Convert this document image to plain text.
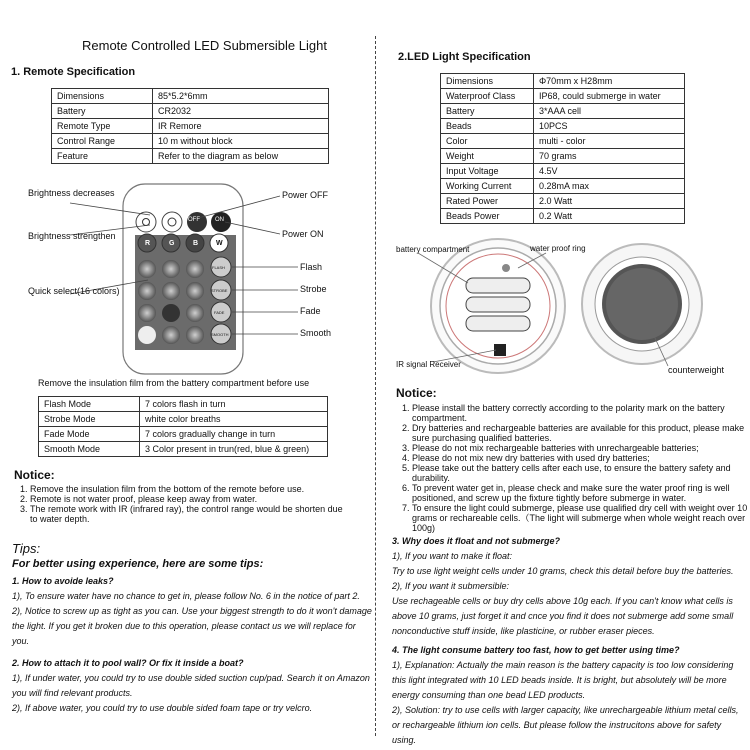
Remote Controlled LED Submersible Light
1. Remote Specification
Dimensions	85*5.2*6mm
Battery	CR2032
Remote Type	IR Remore
Control Range	10 m without block
Feature	Refer to the diagram as below
Brightness decreases
Brightness strengthen
Quick select(16 colors)
Power OFF
Power ON
Flash
Strobe
Fade
Smooth
OFF	ON
R	G	B	W
FLASH
STROBE
FADE
SMOOTH
Remove the insulation film from the battery compartment before use
Flash Mode	7 colors flash in turn
Strobe Mode	white color breaths
Fade Mode	7 colors gradually change in turn
Smooth Mode	3 Color present in trun(red, blue & green)
Notice:
1. Remove the insulation film from the bottom of the remote before use.
2. Remote is not water proof, please keep away from water.
3. The remote work with IR (infrared ray), the control range would be shorten due to water depth.
Tips:
For better using experience, here are some tips:

1. How to avoide leaks?

1), To ensure water have no chance to get in, please follow No. 6 in the notice of part 2.

2), Notice to screw up as tight as you can. Use your biggest strength to do it won't damage the light. If you get it broken due to this operation, please contact us we will replace for you.

2. How to attach it to pool wall? Or fix it inside a boat?

1), If under water, you could try to use double sided suction cup/pad. Search it on Amazon you will find relevant products.

2), If above water, you could try to use double sided foam tape or try velcro.

2.LED Light Specification
Dimensions	Φ70mm x H28mm
Waterproof Class	IP68, could submerge in water
Battery	3*AAA cell
Beads	10PCS
Color	multi - color
Weight	70 grams
Input Voltage	4.5V
Working Current	0.28mA max
Rated Power	2.0 Watt
Beads Power	0.2 Watt
battery compartment	water proof ring
IR signal Receiver
counterweight
Notice:
1. Please install the battery correctly according to the polarity mark on the battery compartment.
2. Dry batteries and rechargeable batteries are available for this product, please make sure purchasing qualified batteries.
3. Please do not mix rechargeable batteries with unrechargeable batteries;
4. Please do not mix new dry batteries with used dry batteries;
5. Please take out the battery cells after each use, to ensure the battery safety and durability.
6. To prevent water get in, please check and make sure the water proof ring is well positioned, and screw up the fixture tightly before submerge in water.
7. To ensure the light could submerge, please use qualified dry cell with weight over 10 grams or rechareable cells.（The light will submerge when whole weight reach over 100g)

3. Why does it float and not submerge?

1), If you want to make it float:

Try to use light weight cells under 10 grams, check this detail before buy the batteries.

2), If you want it submersible:

Use rechageable cells or buy dry cells above 10g each. If you can't know what cells is above 10 grams, just forget it and cnce you find it does not submerge add some small nonconductive stuff inside, like plasticine, or rubber eraser pieces.

4. The light consume battery too fast, how to get better using time?

1), Explanation: Actually the main reason is the battery capacity is too low considering this light integrated with 10 LED beads inside. It is bright, but absolutely will be more energy consuming than one bead LED products.

2), Solution: try to use cells with larger capacity, like unrechargeable lithium metal cells, or rechargeable lithium ion cells. But please follow the instrucitons above for safety using.
